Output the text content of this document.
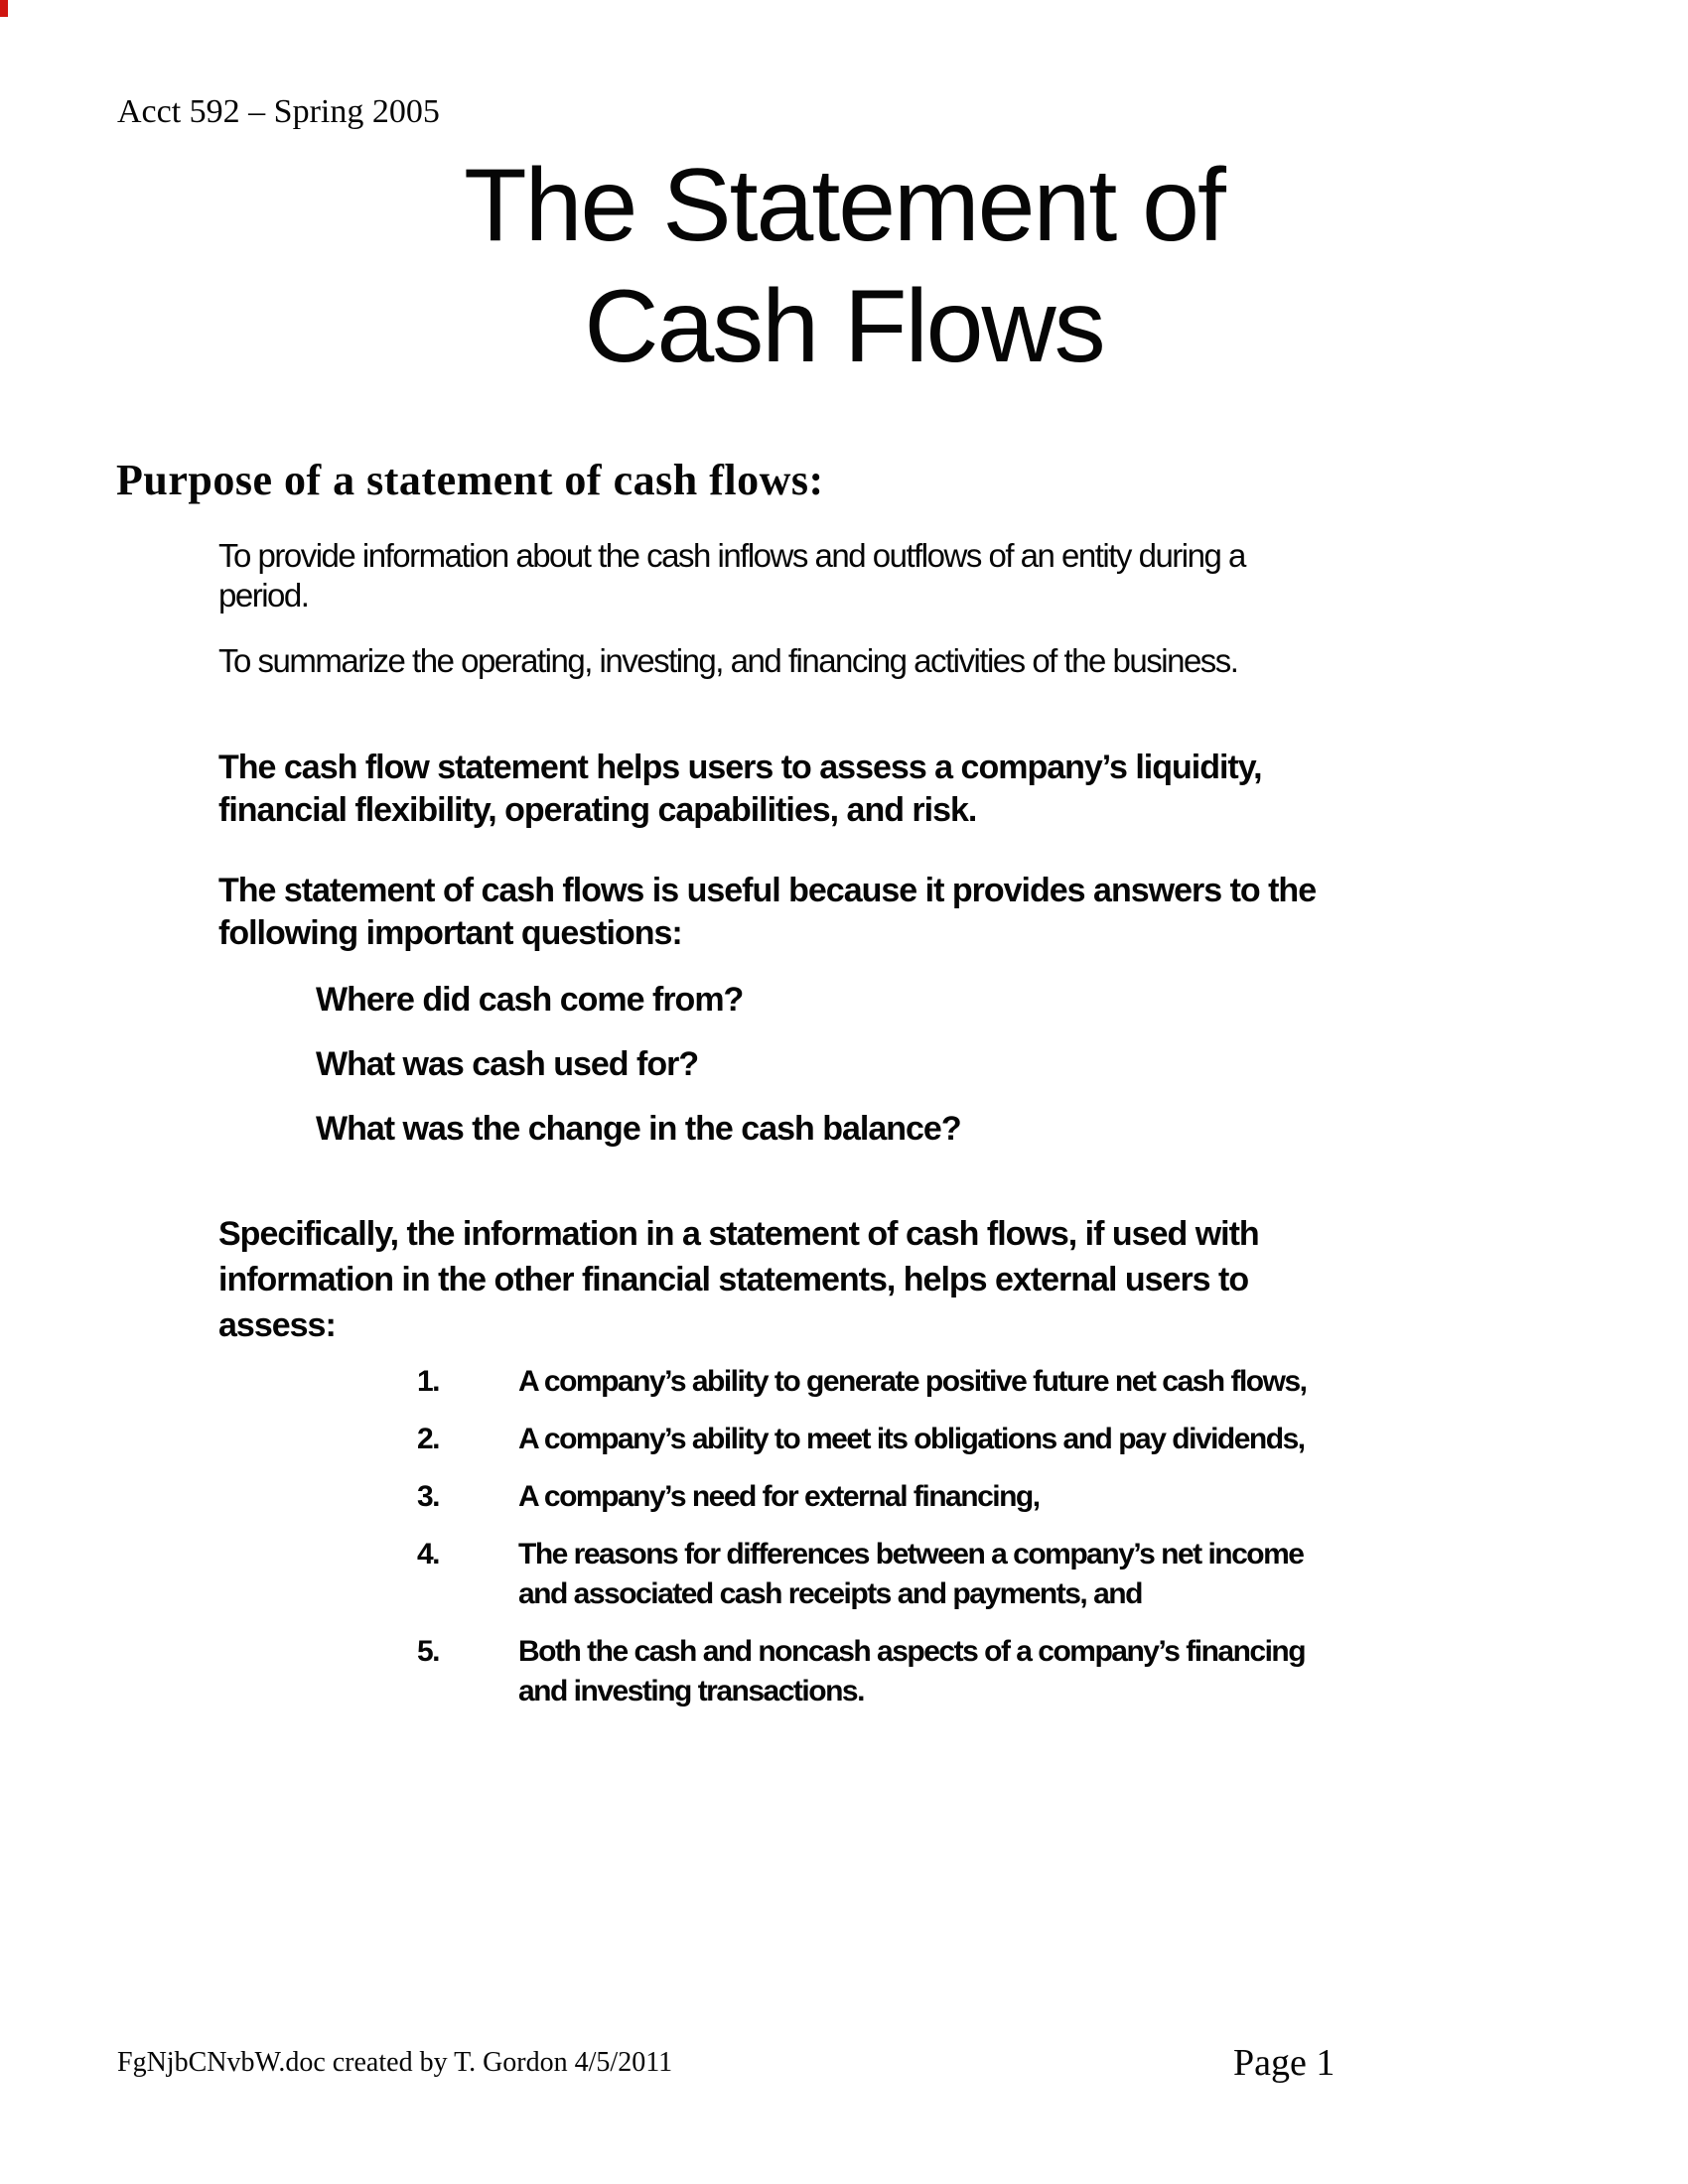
Acct 592 – Spring 2005
The Statement of
Cash Flows
Purpose of a statement of cash flows:
To provide information about the cash inflows and outflows of an entity during a
period.
To summarize the operating, investing, and financing activities of the business.
The cash flow statement helps users to assess a company’s liquidity,
financial flexibility, operating capabilities, and risk.
The statement of cash flows is useful because it provides answers to the
following important questions:
Where did cash come from?
What was cash used for?
What was the change in the cash balance?
Specifically, the information in a statement of cash flows, if used with
information in the other financial statements, helps external users to
assess:
1.	A company’s ability to generate positive future net cash flows,
2.	A company’s ability to meet its obligations and pay dividends,
3.	A company’s need for external financing,
4.	The reasons for differences between a company’s net income
and associated cash receipts and payments, and
5.	Both the cash and noncash aspects of a company’s financing
and investing transactions.
FgNjbCNvbW.doc created by T. Gordon 4/5/2011	Page 1
